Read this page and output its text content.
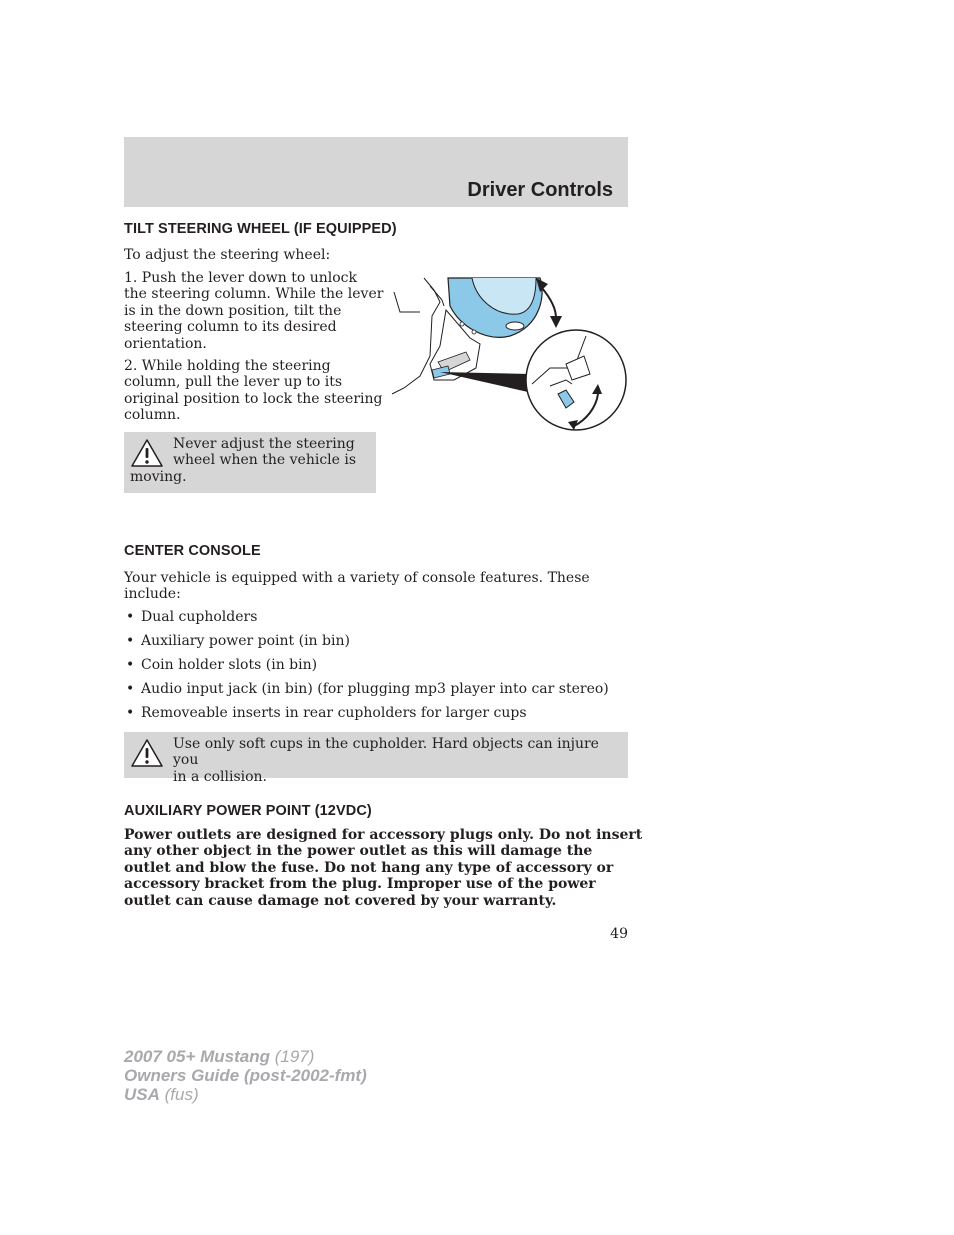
Driver Controls
TILT STEERING WHEEL (IF EQUIPPED)
To adjust the steering wheel:
1. Push the lever down to unlock
the steering column. While the lever
is in the down position, tilt the
steering column to its desired
orientation.
2. While holding the steering
column, pull the lever up to its
original position to lock the steering
column.
Never adjust the steering
wheel when the vehicle is
moving.
CENTER CONSOLE
Your vehicle is equipped with a variety of console features. These
include:
• Dual cupholders
• Auxiliary power point (in bin)
• Coin holder slots (in bin)
• Audio input jack (in bin) (for plugging mp3 player into car stereo)
• Removeable inserts in rear cupholders for larger cups
Use only soft cups in the cupholder. Hard objects can injure you
in a collision.
AUXILIARY POWER POINT (12VDC)
Power outlets are designed for accessory plugs only. Do not insert
any other object in the power outlet as this will damage the
outlet and blow the fuse. Do not hang any type of accessory or
accessory bracket from the plug. Improper use of the power
outlet can cause damage not covered by your warranty.
49
2007 05+ Mustang (197)
Owners Guide (post-2002-fmt)
USA (fus)
